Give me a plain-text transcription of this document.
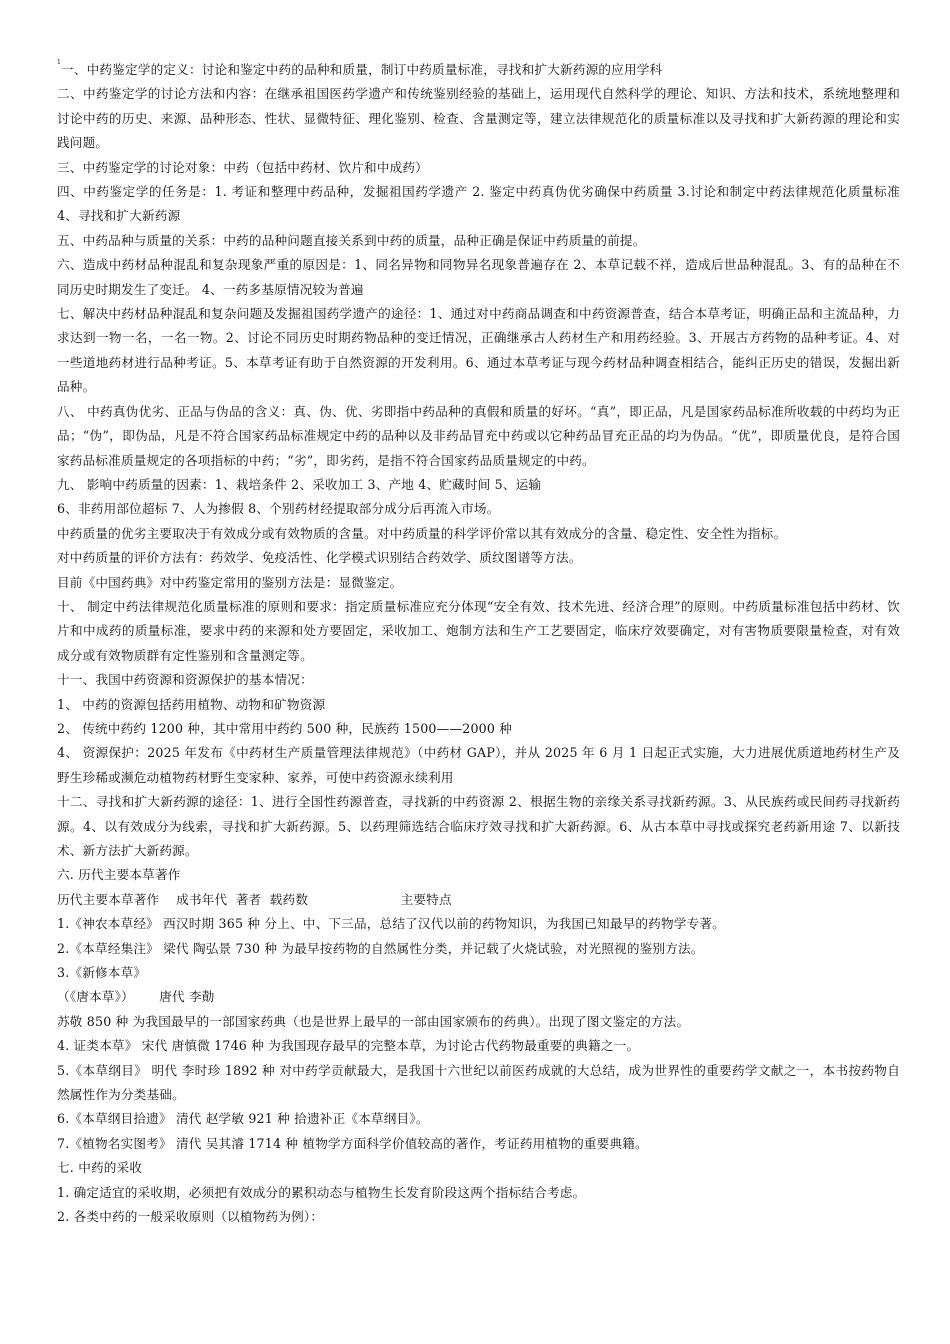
$^1$一、中药鉴定学的定义：讨论和鉴定中药的品种和质量，制订中药质量标准，寻找和扩大新药源的应用学科

二、中药鉴定学的讨论方法和内容：在继承祖国医药学遗产和传统鉴别经验的基础上，运用现代自然科学的理论、知识、方法和技术，系统地整理和讨论中药的历史、来源、品种形态、性状、显微特征、理化鉴别、检查、含量测定等，建立法律规范化的质量标准以及寻找和扩大新药源的理论和实践问题。

三、中药鉴定学的讨论对象：中药（包括中药材、饮片和中成药）

四、中药鉴定学的任务是：1. 考证和整理中药品种，发掘祖国药学遗产 2. 鉴定中药真伪优劣确保中药质量 3.讨论和制定中药法律规范化质量标准 4、寻找和扩大新药源

五、中药品种与质量的关系：中药的品种问题直接关系到中药的质量，品种正确是保证中药质量的前提。

六、造成中药材品种混乱和复杂现象严重的原因是：1、同名异物和同物异名现象普遍存在 2、本草记载不祥，造成后世品种混乱。3、有的品种在不同历史时期发生了变迁。 4、一药多基原情况较为普遍

七、解决中药材品种混乱和复杂问题及发掘祖国药学遗产的途径：1、通过对中药商品调查和中药资源普查，结合本草考证，明确正品和主流品种，力求达到一物一名，一名一物。2、讨论不同历史时期药物品种的变迁情况，正确继承古人药材生产和用药经验。3、开展古方药物的品种考证。4、对一些道地药材进行品种考证。5、本草考证有助于自然资源的开发利用。6、通过本草考证与现今药材品种调查相结合，能纠正历史的错误，发掘出新品种。

八、 中药真伪优劣、正品与伪品的含义：真、伪、优、劣即指中药品种的真假和质量的好坏。“真”，即正品，凡是国家药品标准所收载的中药均为正品；“伪”，即伪品，凡是不符合国家药品标准规定中药的品种以及非药品冒充中药或以它种药品冒充正品的均为伪品。“优”，即质量优良，是符合国家药品标准质量规定的各项指标的中药；“劣”，即劣药，是指不符合国家药品质量规定的中药。

九、 影响中药质量的因素：1、栽培条件 2、采收加工 3、产地 4、贮藏时间 5、运输

6、非药用部位超标 7、人为掺假 8、个别药材经提取部分成分后再流入市场。

中药质量的优劣主要取决于有效成分或有效物质的含量。对中药质量的科学评价常以其有效成分的含量、稳定性、安全性为指标。

对中药质量的评价方法有：药效学、免疫活性、化学模式识别结合药效学、质纹图谱等方法。

目前《中国药典》对中药鉴定常用的鉴别方法是：显微鉴定。

十、 制定中药法律规范化质量标准的原则和要求：指定质量标准应充分体现“安全有效、技术先进、经济合理”的原则。中药质量标准包括中药材、饮片和中成药的质量标准，要求中药的来源和处方要固定，采收加工、炮制方法和生产工艺要固定，临床疗效要确定，对有害物质要限量检查，对有效成分或有效物质群有定性鉴别和含量测定等。

十一、我国中药资源和资源保护的基本情况：

1、 中药的资源包括药用植物、动物和矿物资源

2、 传统中药约 1200 种，其中常用中药约 500 种，民族药 1500——2000 种

4、 资源保护：2025 年发布《中药材生产质量管理法律规范》（中药材 GAP），并从 2025 年 6 月 1 日起正式实施，大力进展优质道地药材生产及野生珍稀或濒危动植物药材野生变家种、家养，可使中药资源永续利用

十二、寻找和扩大新药源的途径：1、进行全国性药源普查，寻找新的中药资源 2、根据生物的亲缘关系寻找新药源。3、从民族药或民间药寻找新药源。4、以有效成分为线索，寻找和扩大新药源。5、以药理筛选结合临床疗效寻找和扩大新药源。6、从古本草中寻找或探究老药新用途 7、以新技术、新方法扩大新药源。

六. 历代主要本草著作

历代主要本草著作    成书年代  著者  载药数                      主要特点

1.《神农本草经》 西汉时期 365 种 分上、中、下三品，总结了汉代以前的药物知识，为我国已知最早的药物学专著。

2.《本草经集注》 梁代 陶弘景 730 种 为最早按药物的自然属性分类，并记载了火烧试验，对光照视的鉴别方法。

3.《新修本草》

（《唐本草》）      唐代 李勣

苏敬 850 种 为我国最早的一部国家药典（也是世界上最早的一部由国家颁布的药典）。出现了图文鉴定的方法。

4. 证类本草》 宋代 唐慎微 1746 种 为我国现存最早的完整本草，为讨论古代药物最重要的典籍之一。

5.《本草纲目》 明代 李时珍 1892 种 对中药学贡献最大，是我国十六世纪以前医药成就的大总结，成为世界性的重要药学文献之一，本书按药物自然属性作为分类基础。

6.《本草纲目拾遗》 清代 赵学敏 921 种 拾遗补正《本草纲目》。

7.《植物名实图考》 清代 吴其濬 1714 种 植物学方面科学价值较高的著作，考证药用植物的重要典籍。

七. 中药的采收

1. 确定适宜的采收期，必须把有效成分的累积动态与植物生长发育阶段这两个指标结合考虑。

2. 各类中药的一般采收原则（以植物药为例）：
